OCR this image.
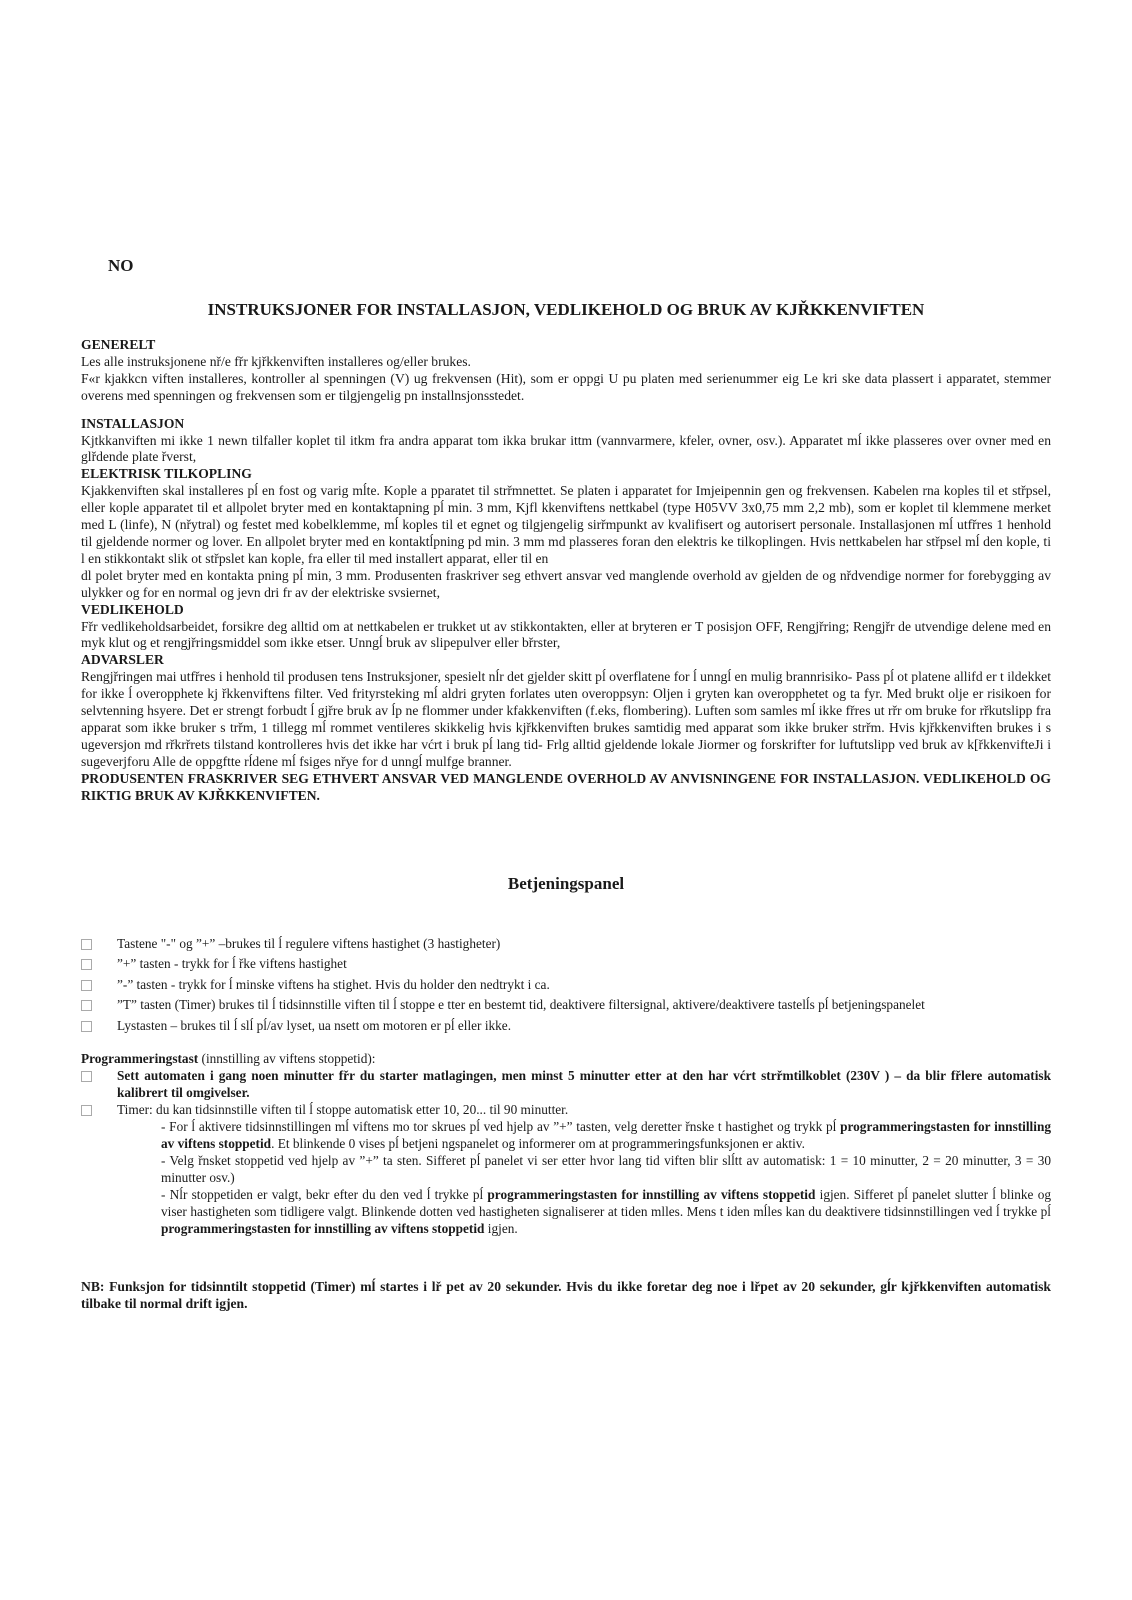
NO
INSTRUKSJONER FOR INSTALLASJON, VEDLIKEHOLD OG BRUK AV KJŘKKENVIFTEN

GENERELT

Les alle instruksjonene nř/e fřr kjřkkenviften installeres og/eller brukes.

F«r kjakkcn viften installeres, kontroller al spenningen (V) ug frekvensen (Hit), som er oppgi U pu platen med serienummer eig Le kri ske data plassert i apparatet, stemmer overens med spenningen og frekvensen som er tilgjengelig pn installnsjonsstedet.

INSTALLASJON

Kjtkkanviften mi ikke 1 newn tilfaller koplet til itkm fra andra apparat tom ikka brukar ittm (vannvarmere, kfeler, ovner, osv.). Apparatet mĺ ikke plasseres over ovner med en glřdende plate řverst,

ELEKTRISK TILKOPLING

Kjakkenviften skal installeres pĺ en fost og varig mĺte. Kople a pparatet til strřmnettet. Se platen i apparatet for Imjeipennin gen og frekvensen. Kabelen rna koples til et střpsel, eller kople apparatet til et allpolet bryter med en kontaktapning pĺ min. 3 mm, Kjfl kkenviftens nettkabel (type H05VV 3x0,75 mm 2,2 mb), som er koplet til klemmene merket med L (linfe), N (nřytral) og festet med kobelklemme, mĺ koples til et egnet og tilgjengelig sirřmpunkt av kvalifisert og autorisert personale. Installasjonen mĺ utfřres 1 henhold til gjeldende normer og lover. En allpolet bryter med en kontaktĺpning pd min. 3 mm md plasseres foran den elektris ke tilkoplingen. Hvis nettkabelen har střpsel mĺ den kople, ti l en stikkontakt slik ot střpslet kan kople, fra eller til med installert apparat, eller til en

dl polet bryter med en kontakta pning pĺ min, 3 mm. Produsenten fraskriver seg ethvert ansvar ved manglende overhold av gjelden de og nřdvendige normer for forebygging av ulykker og for en normal og jevn dri fr av der elektriske svsiernet,

VEDLIKEHOLD

Fřr vedlikeholdsarbeidet, forsikre deg alltid om at nettkabelen er trukket ut av stikkontakten, eller at bryteren er T posisjon OFF, Rengjřring; Rengjřr de utvendige delene med en myk klut og et rengjřringsmiddel som ikke etser. Unngĺ bruk av slipepulver eller břrster,

ADVARSLER

Rengjřringen mai utfřres i henhold til produsen tens Instruksjoner, spesielt nĺr det gjelder skitt pĺ overflatene for ĺ unngĺ en mulig brannrisiko- Pass pĺ ot platene allifd er t ildekket for ikke ĺ overopphete kj řkkenviftens filter. Ved frityrsteking mĺ aldri gryten forlates uten overoppsyn: Oljen i gryten kan overopphetet og ta fyr. Med brukt olje er risikoen for selvtenning hsyere. Det er strengt forbudt ĺ gjřre bruk av ĺp ne flommer under kfakkenviften (f.eks, flombering). Luften som samles mĺ ikke fřres ut rřr om bruke for rřkutslipp fra apparat som ikke bruker s trřm, 1 tillegg mĺ rommet ventileres skikkelig hvis kjřkkenviften brukes samtidig med apparat som ikke bruker strřm. Hvis kjřkkenviften brukes i s ugeversjon md rřkrřrets tilstand kontrolleres hvis det ikke har vćrt i bruk pĺ lang tid- Frlg alltid gjeldende lokale Jiormer og forskrifter for luftutslipp ved bruk av k[řkkenvifteJi i sugeverjforu Alle de oppgftte rĺdene mĺ fsiges nřye for d unngĺ mulfge branner.

PRODUSENTEN FRASKRIVER SEG ETHVERT ANSVAR VED MANGLENDE OVERHOLD AV ANVISNINGENE FOR INSTALLASJON. VEDLIKEHOLD OG RIKTIG BRUK AV KJŘKKENVIFTEN.

Betjeningspanel
Tastene "-" og ”+” –brukes til ĺ regulere viftens hastighet (3 hastigheter)
”+” tasten - trykk for ĺ řke viftens hastighet
”-” tasten - trykk for ĺ minske viftens ha stighet. Hvis du holder den nedtrykt i ca.
”T” tasten (Timer) brukes til ĺ tidsinnstille viften til ĺ stoppe e tter en bestemt tid, deaktivere filtersignal, aktivere/deaktivere tastelĺs pĺ betjeningspanelet
Lystasten – brukes til ĺ slĺ pĺ/av lyset, ua nsett om motoren er pĺ eller ikke.

Programmeringstast (innstilling av viftens stoppetid):

Sett automaten i gang noen minutter fřr du starter matlagingen, men minst 5 minutter etter at den har vćrt strřmtilkoblet (230V ) – da blir fřlere automatisk kalibrert til omgivelser.

Timer: du kan tidsinnstille viften til ĺ stoppe automatisk etter 10, 20... til 90 minutter.

- For ĺ aktivere tidsinnstillingen mĺ viftens mo tor skrues pĺ ved hjelp av ”+” tasten, velg deretter řnske t hastighet og trykk pĺ programmeringstasten for innstilling av viftens stoppetid. Et blinkende 0 vises pĺ betjeni ngspanelet og informerer om at programmeringsfunksjonen er aktiv.

- Velg řnsket stoppetid ved hjelp av ”+” ta sten. Sifferet pĺ panelet vi ser etter hvor lang tid viften blir slĺtt av automatisk: 1 = 10 minutter, 2 = 20 minutter, 3 = 30 minutter osv.)

- Nĺr stoppetiden er valgt, bekr efter du den ved ĺ trykke pĺ programmeringstasten for innstilling av viftens stoppetid igjen. Sifferet pĺ panelet slutter ĺ blinke og viser hastigheten som tidligere valgt. Blinkende dotten ved hastigheten signaliserer at tiden mlles. Mens t iden mĺles kan du deaktivere tidsinnstillingen ved ĺ trykke pĺ programmeringstasten for innstilling av viftens stoppetid igjen.

NB: Funksjon for tidsinntilt stoppetid (Timer) mĺ startes i lř pet av 20 sekunder. Hvis du ikke foretar deg noe i lřpet av 20 sekunder, gĺr kjřkkenviften automatisk tilbake til normal drift igjen.
